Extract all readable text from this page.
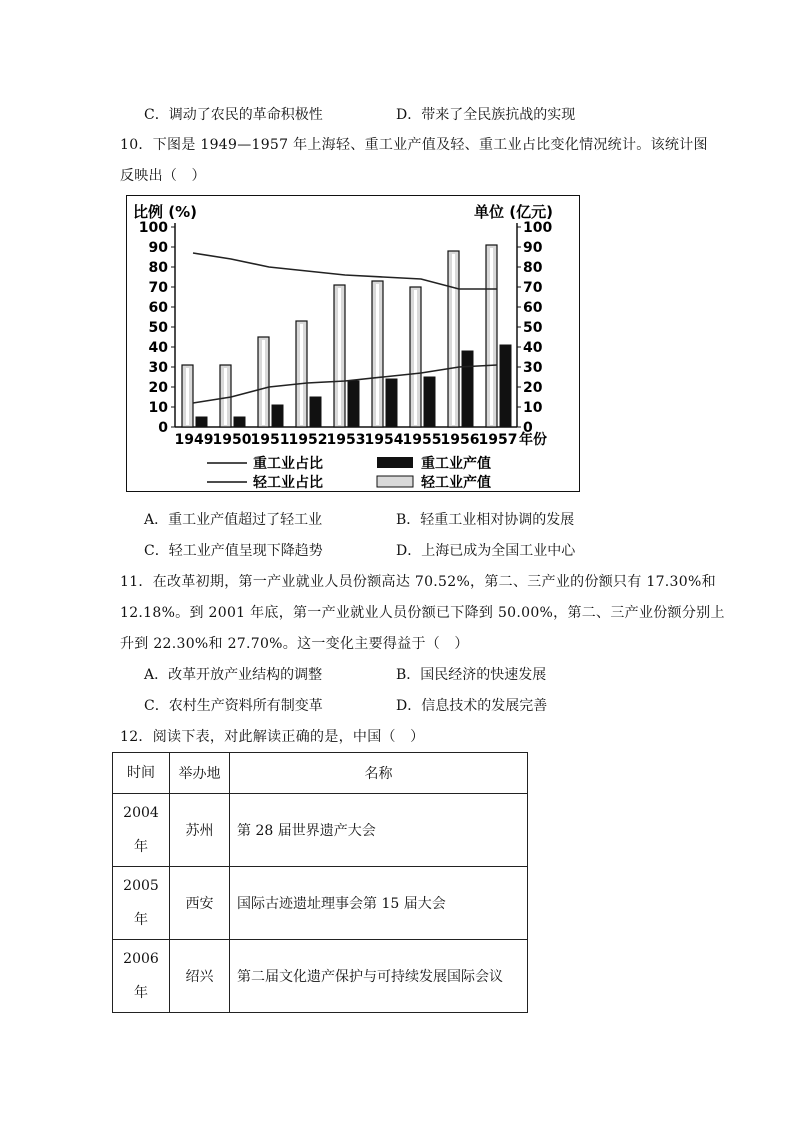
C．调动了农民的革命积极性	D．带来了全民族抗战的实现
10．下图是 1949—1957 年上海轻、重工业产值及轻、重工业占比变化情况统计。该统计图
反映出（　）
比例 (%)	单位 (亿元)
0	0
10	10
20	20
30	30
40	40
50	50
60	60
70	70
80	80
90	90
100	100
1949 1950 1951 1952 1953 1954 1955 1956 1957 年份
重工业占比	重工业产值
轻工业占比	轻工业产值
A．重工业产值超过了轻工业	B．轻重工业相对协调的发展
C．轻工业产值呈现下降趋势	D．上海已成为全国工业中心
11．在改革初期，第一产业就业人员份额高达 70.52%，第二、三产业的份额只有 17.30%和
12.18%。到 2001 年底，第一产业就业人员份额已下降到 50.00%，第二、三产业份额分别上
升到 22.30%和 27.70%。这一变化主要得益于（　）
A．改革开放产业结构的调整	B．国民经济的快速发展
C．农村生产资料所有制变革	D．信息技术的发展完善
12．阅读下表，对此解读正确的是，中国（　）
时间	举办地	名称
2004
年	苏州	第 28 届世界遗产大会
2005
年	西安	国际古迹遗址理事会第 15 届大会
2006
年	绍兴	第二届文化遗产保护与可持续发展国际会议
